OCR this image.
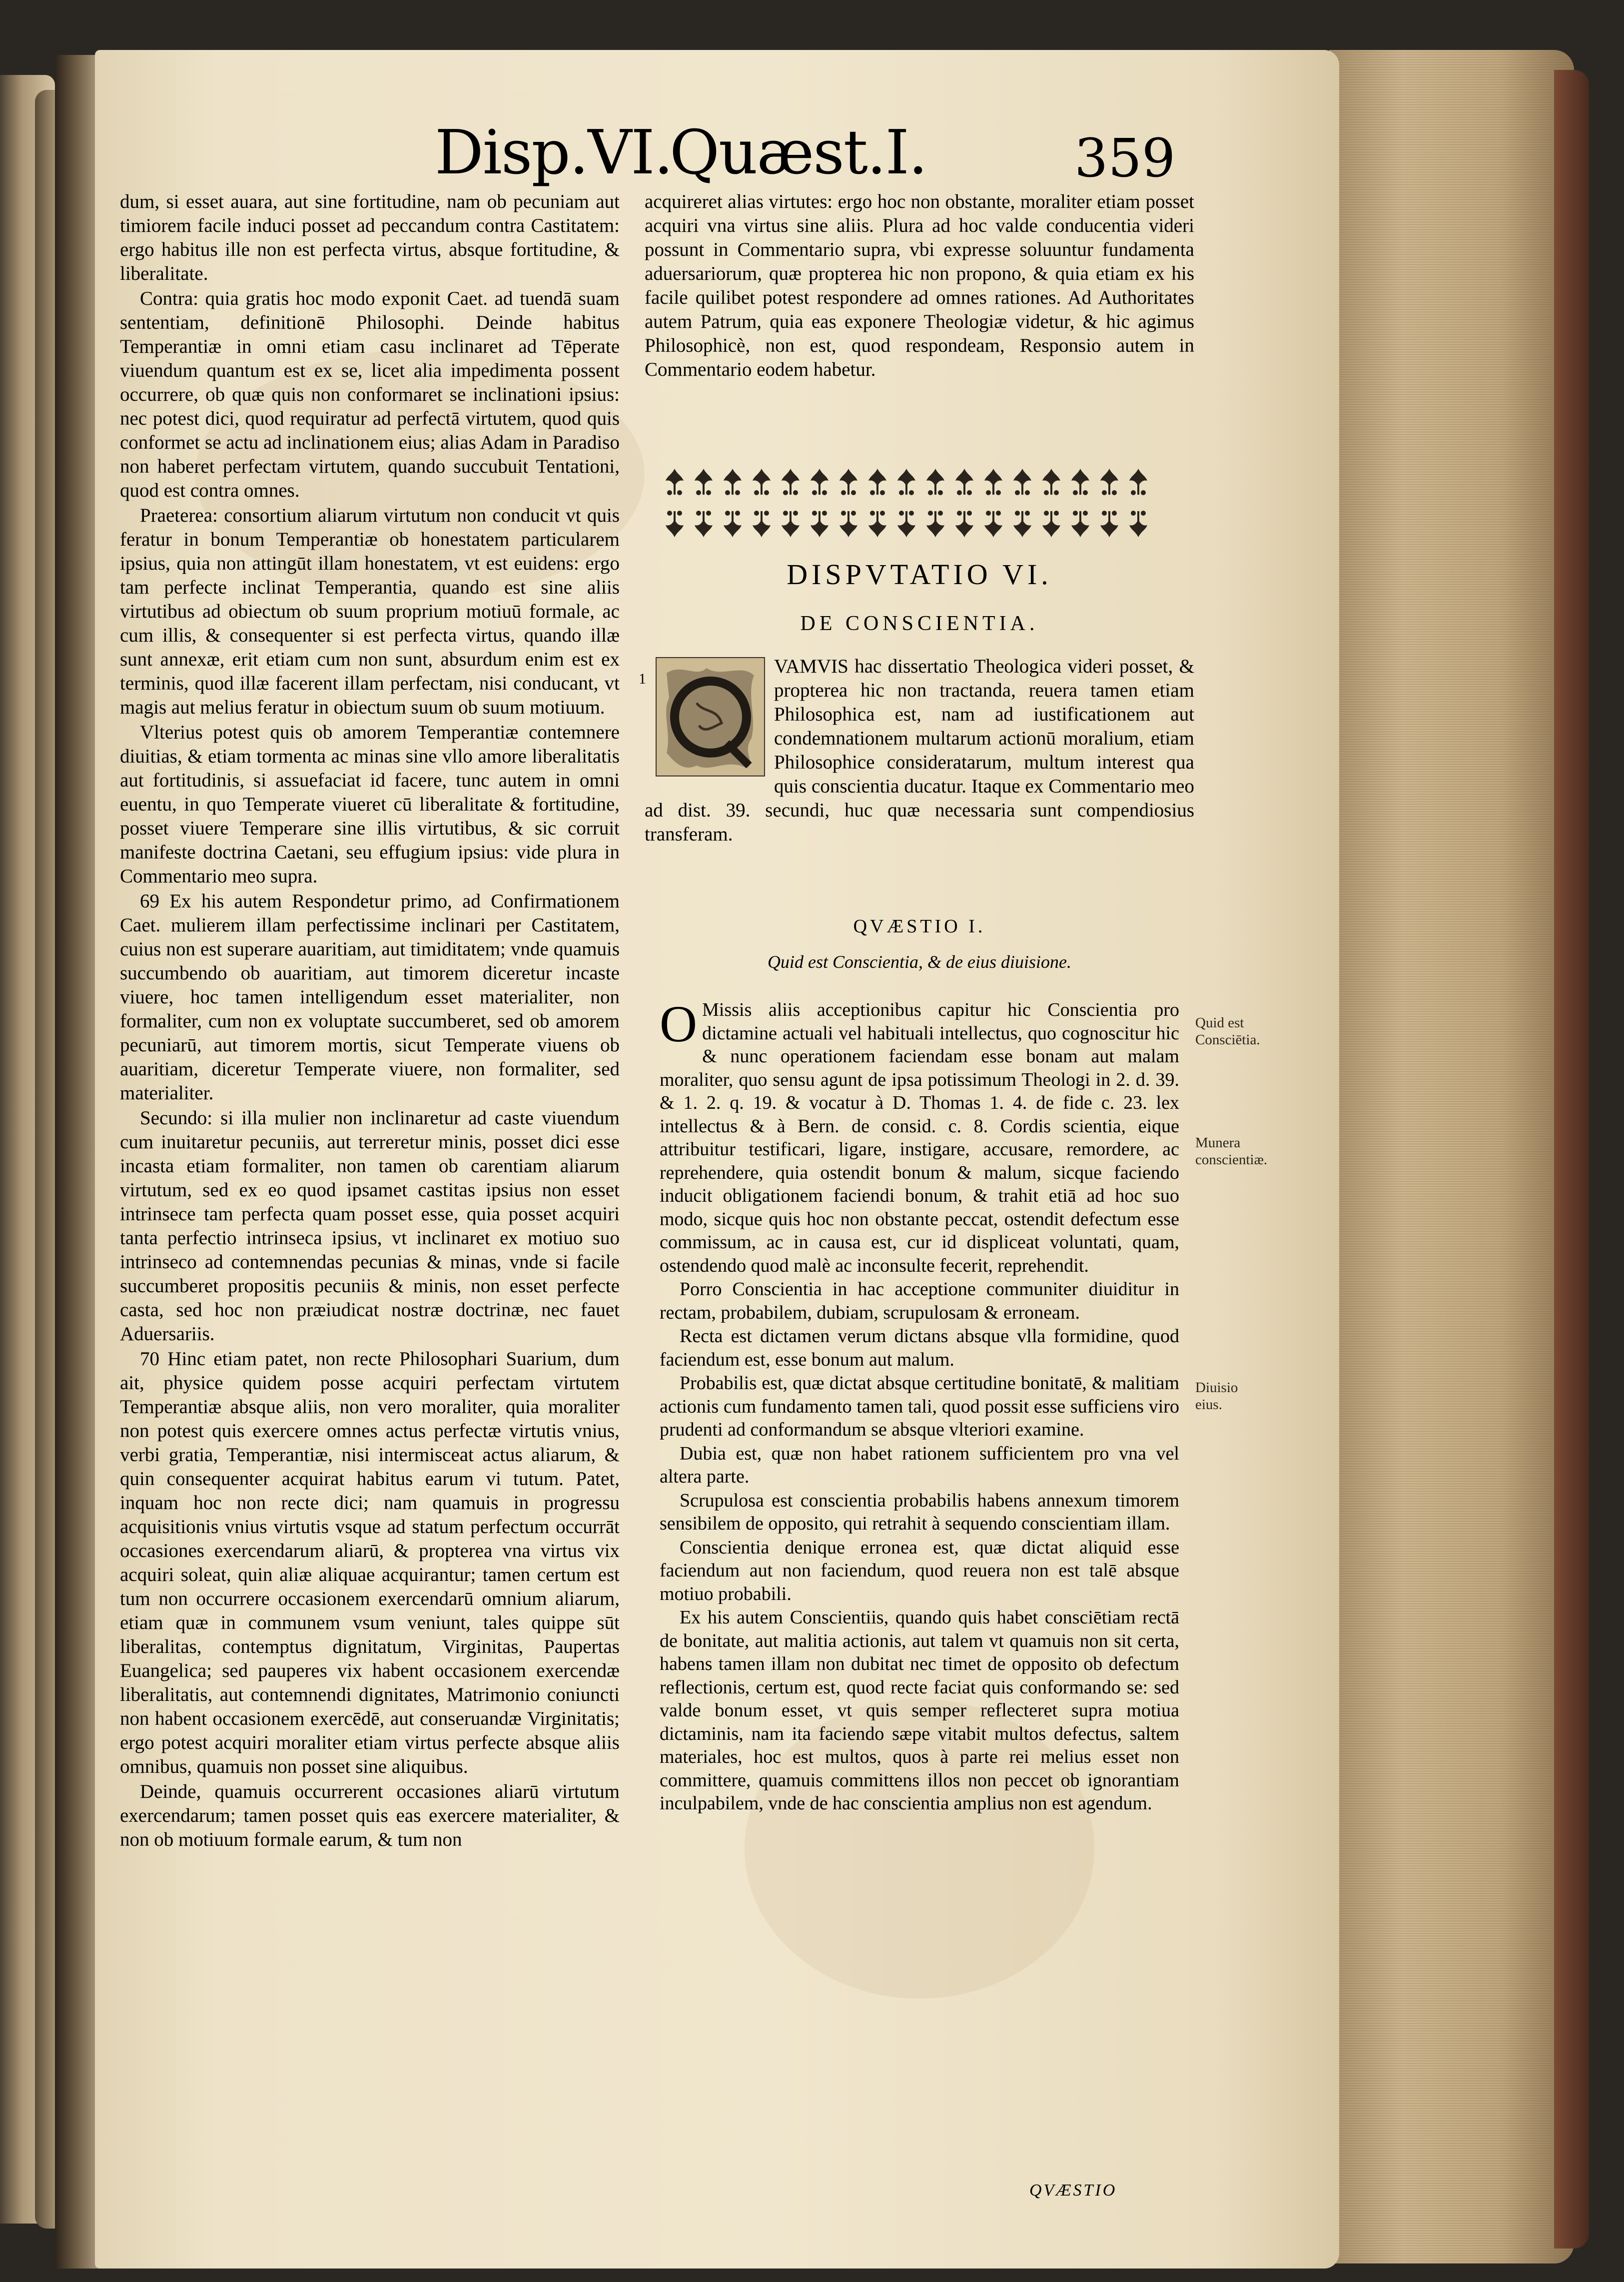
Disp.VI.
Quæst.I.	359

dum, si esset auara, aut sine fortitudine, nam ob pecuniam aut timiorem facile induci posset ad peccandum contra Castitatem: ergo habitus ille non est perfecta virtus, absque fortitudine, & liberalitate.

Contra: quia gratis hoc modo exponit Caet. ad tuendā suam sententiam, definitionē Philosophi. Deinde habitus Temperantiæ in omni etiam casu inclinaret ad Tēperate viuendum quantum est ex se, licet alia impedimenta possent occurrere, ob quæ quis non conformaret se inclinationi ipsius: nec potest dici, quod requiratur ad perfectā virtutem, quod quis conformet se actu ad inclinationem eius; alias Adam in Paradiso non haberet perfectam virtutem, quando succubuit Tentationi, quod est contra omnes.

Praeterea: consortium aliarum virtutum non conducit vt quis feratur in bonum Temperantiæ ob honestatem particularem ipsius, quia non attingūt illam honestatem, vt est euidens: ergo tam perfecte inclinat Temperantia, quando est sine aliis virtutibus ad obiectum ob suum proprium motiuū formale, ac cum illis, & consequenter si est perfecta virtus, quando illæ sunt annexæ, erit etiam cum non sunt, absurdum enim est ex terminis, quod illæ facerent illam perfectam, nisi conducant, vt magis aut melius feratur in obiectum suum ob suum motiuum.

Vlterius potest quis ob amorem Temperantiæ contemnere diuitias, & etiam tormenta ac minas sine vllo amore liberalitatis aut fortitudinis, si assuefaciat id facere, tunc autem in omni euentu, in quo Temperate viueret cū liberalitate & fortitudine, posset viuere Temperare sine illis virtutibus, & sic corruit manifeste doctrina Caetani, seu effugium ipsius: vide plura in Commentario meo supra.

69 Ex his autem Respondetur primo, ad Confirmationem Caet. mulierem illam perfectissime inclinari per Castitatem, cuius non est superare auaritiam, aut timiditatem; vnde quamuis succumbendo ob auaritiam, aut timorem diceretur incaste viuere, hoc tamen intelligendum esset materialiter, non formaliter, cum non ex voluptate succumberet, sed ob amorem pecuniarū, aut timorem mortis, sicut Temperate viuens ob auaritiam, diceretur Temperate viuere, non formaliter, sed materialiter.

Secundo: si illa mulier non inclinaretur ad caste viuendum cum inuitaretur pecuniis, aut terreretur minis, posset dici esse incasta etiam formaliter, non tamen ob carentiam aliarum virtutum, sed ex eo quod ipsamet castitas ipsius non esset intrinsece tam perfecta quam posset esse, quia posset acquiri tanta perfectio intrinseca ipsius, vt inclinaret ex motiuo suo intrinseco ad contemnendas pecunias & minas, vnde si facile succumberet propositis pecuniis & minis, non esset perfecte casta, sed hoc non præiudicat nostræ doctrinæ, nec fauet Aduersariis.

70 Hinc etiam patet, non recte Philosophari Suarium, dum ait, physice quidem posse acquiri perfectam virtutem Temperantiæ absque aliis, non vero moraliter, quia moraliter non potest quis exercere omnes actus perfectæ virtutis vnius, verbi gratia, Temperantiæ, nisi intermisceat actus aliarum, & quin consequenter acquirat habitus earum vi tutum. Patet, inquam hoc non recte dici; nam quamuis in progressu acquisitionis vnius virtutis vsque ad statum perfectum occurrāt occasiones exercendarum aliarū, & propterea vna virtus vix acquiri soleat, quin aliæ aliquae acquirantur; tamen certum est tum non occurrere occasionem exercendarū omnium aliarum, etiam quæ in communem vsum veniunt, tales quippe sūt liberalitas, contemptus dignitatum, Virginitas, Paupertas Euangelica; sed pauperes vix habent occasionem exercendæ liberalitatis, aut contemnendi dignitates, Matrimonio coniuncti non habent occasionem exercēdē, aut conseruandæ Virginitatis; ergo potest acquiri moraliter etiam virtus perfecte absque aliis omnibus, quamuis non posset sine aliquibus.

Deinde, quamuis occurrerent occasiones aliarū virtutum exercendarum; tamen posset quis eas exercere materialiter, & non ob motiuum formale earum, & tum non

acquireret alias virtutes: ergo hoc non obstante, moraliter etiam posset acquiri vna virtus sine aliis. Plura ad hoc valde conducentia videri possunt in Commentario supra, vbi expresse soluuntur fundamenta aduersariorum, quæ propterea hic non propono, & quia etiam ex his facile quilibet potest respondere ad omnes rationes. Ad Authoritates autem Patrum, quia eas exponere Theologiæ videtur, & hic agimus Philosophicè, non est, quod respondeam, Responsio autem in Commentario eodem habetur.

DISPVTATIO VI.
DE CONSCIENTIA.
1
VAMVIS hac dissertatio Theologica videri posset, & propterea hic non tractanda, reuera tamen etiam Philosophica est, nam ad iustificationem aut condemnationem multarum actionū moralium, etiam Philosophice consideratarum, multum interest qua quis conscientia ducatur. Itaque ex Commentario meo ad dist. 39. secundi, huc quæ necessaria sunt compendiosius transferam.
QVÆSTIO I.
Quid est Conscientia, & de eius diuisione.

O Missis aliis acceptionibus capitur hic Conscientia pro dictamine actuali vel habituali intellectus, quo cognoscitur hic & nunc operationem faciendam esse bonam aut malam moraliter, quo sensu agunt de ipsa potissimum Theologi in 2. d. 39. & 1. 2. q. 19. & vocatur à D. Thomas 1. 4. de fide c. 23. lex intellectus & à Bern. de consid. c. 8. Cordis scientia, eique attribuitur testificari, ligare, instigare, accusare, remordere, ac reprehendere, quia ostendit bonum & malum, sicque faciendo inducit obligationem faciendi bonum, & trahit etiā ad hoc suo modo, sicque quis hoc non obstante peccat, ostendit defectum esse commissum, ac in causa est, cur id displiceat voluntati, quam, ostendendo quod malè ac inconsulte fecerit, reprehendit.

Porro Conscientia in hac acceptione communiter diuiditur in rectam, probabilem, dubiam, scrupulosam & erroneam.

Recta est dictamen verum dictans absque vlla formidine, quod faciendum est, esse bonum aut malum.

Probabilis est, quæ dictat absque certitudine bonitatē, & malitiam actionis cum fundamento tamen tali, quod possit esse sufficiens viro prudenti ad conformandum se absque vlteriori examine.

Dubia est, quæ non habet rationem sufficientem pro vna vel altera parte.

Scrupulosa est conscientia probabilis habens annexum timorem sensibilem de opposito, qui retrahit à sequendo conscientiam illam.

Conscientia denique erronea est, quæ dictat aliquid esse faciendum aut non faciendum, quod reuera non est talē absque motiuo probabili.

Ex his autem Conscientiis, quando quis habet consciētiam rectā de bonitate, aut malitia actionis, aut talem vt quamuis non sit certa, habens tamen illam non dubitat nec timet de opposito ob defectum reflectionis, certum est, quod recte faciat quis conformando se: sed valde bonum esset, vt quis semper reflecteret supra motiua dictaminis, nam ita faciendo sæpe vitabit multos defectus, saltem materiales, hoc est multos, quos à parte rei melius esset non committere, quamuis committens illos non peccet ob ignorantiam inculpabilem, vnde de hac conscientia amplius non est agendum.

Quid est Consciētia.
Munera conscientiæ.
Diuisio eius.
QVÆSTIO
